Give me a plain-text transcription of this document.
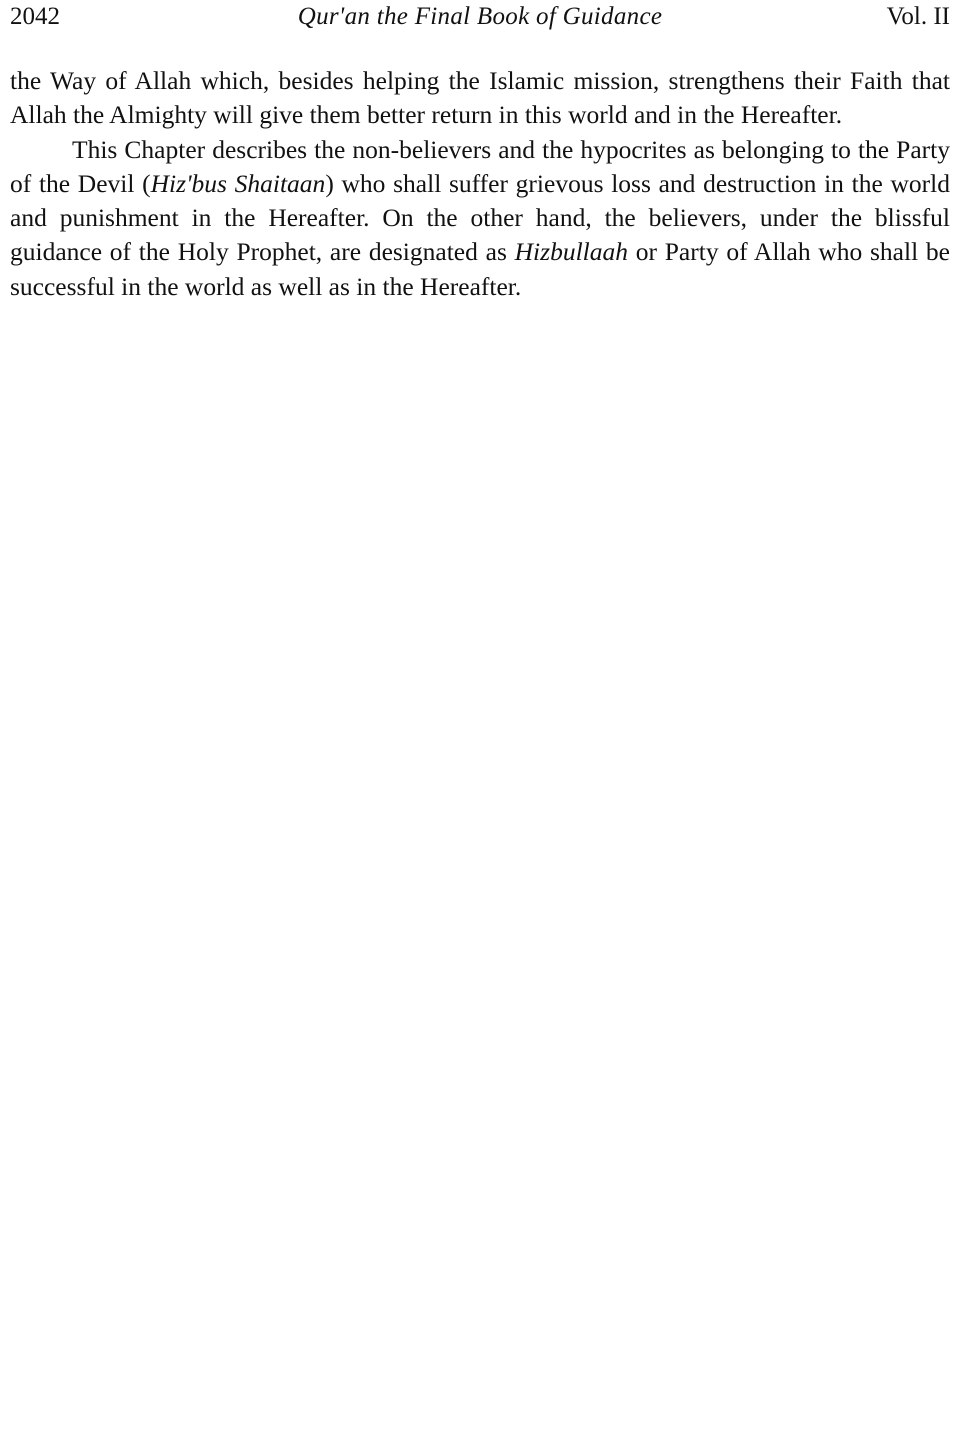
2042	Qur'an the Final Book of Guidance	Vol. II

the Way of Allah which, besides helping the Islamic mission, strengthens their Faith that Allah the Almighty will give them better return in this world and in the Hereafter.

This Chapter describes the non-believers and the hypocrites as belonging to the Party of the Devil (Hiz'bus Shaitaan) who shall suffer grievous loss and destruction in the world and punishment in the Hereafter. On the other hand, the believers, under the blissful guidance of the Holy Prophet, are designated as Hizbullaah or Party of Allah who shall be successful in the world as well as in the Hereafter.
